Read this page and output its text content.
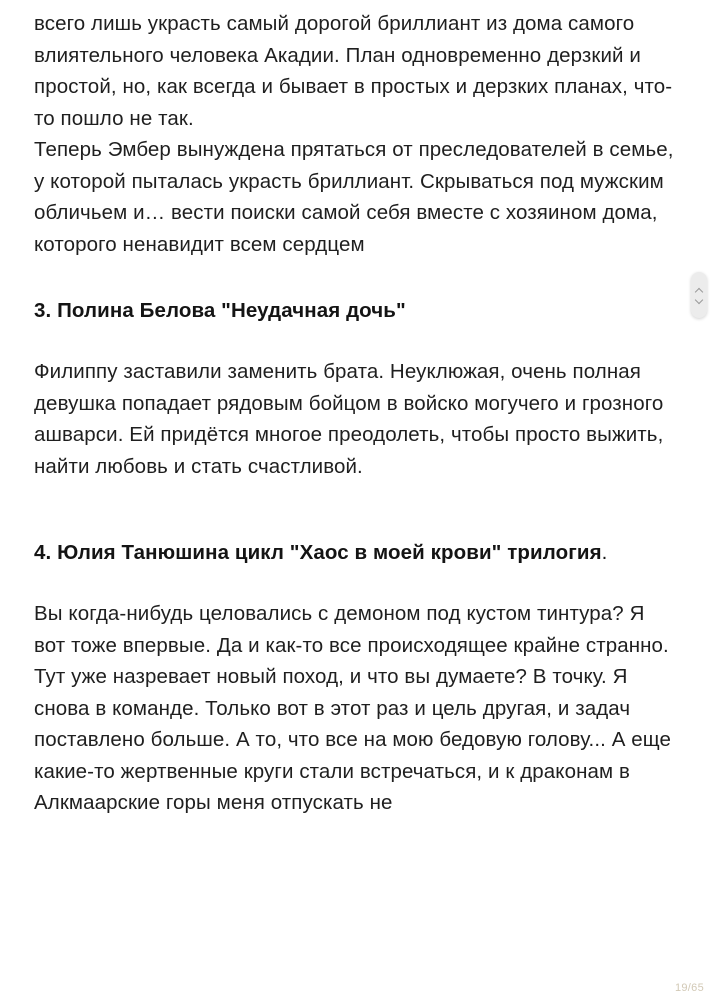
всего лишь украсть самый дорогой бриллиант из дома самого влиятельного человека Акадии. План одновременно дерзкий и простой, но, как всегда и бывает в простых и дерзких планах, что-то пошло не так.

Теперь Эмбер вынуждена прятаться от преследователей в семье, у которой пыталась украсть бриллиант. Скрываться под мужским обличьем и… вести поиски самой себя вместе с хозяином дома, которого ненавидит всем сердцем

3. Полина Белова "Неудачная дочь"

Филиппу заставили заменить брата. Неуклюжая, очень полная девушка попадает рядовым бойцом в войско могучего и грозного ашварси. Ей придётся многое преодолеть, чтобы просто выжить, найти любовь и стать счастливой.

4. Юлия Танюшина цикл "Хаос в моей крови" трилогия.

Вы когда-нибудь целовались с демоном под кустом тинтура? Я вот тоже впервые. Да и как-то все происходящее крайне странно. Тут уже назревает новый поход, и что вы думаете? В точку. Я снова в команде. Только вот в этот раз и цель другая, и задач поставлено больше. А то, что все на мою бедовую голову... А еще какие-то жертвенные круги стали встречаться, и к драконам в Алкмаарские горы меня отпускать не

19/65
